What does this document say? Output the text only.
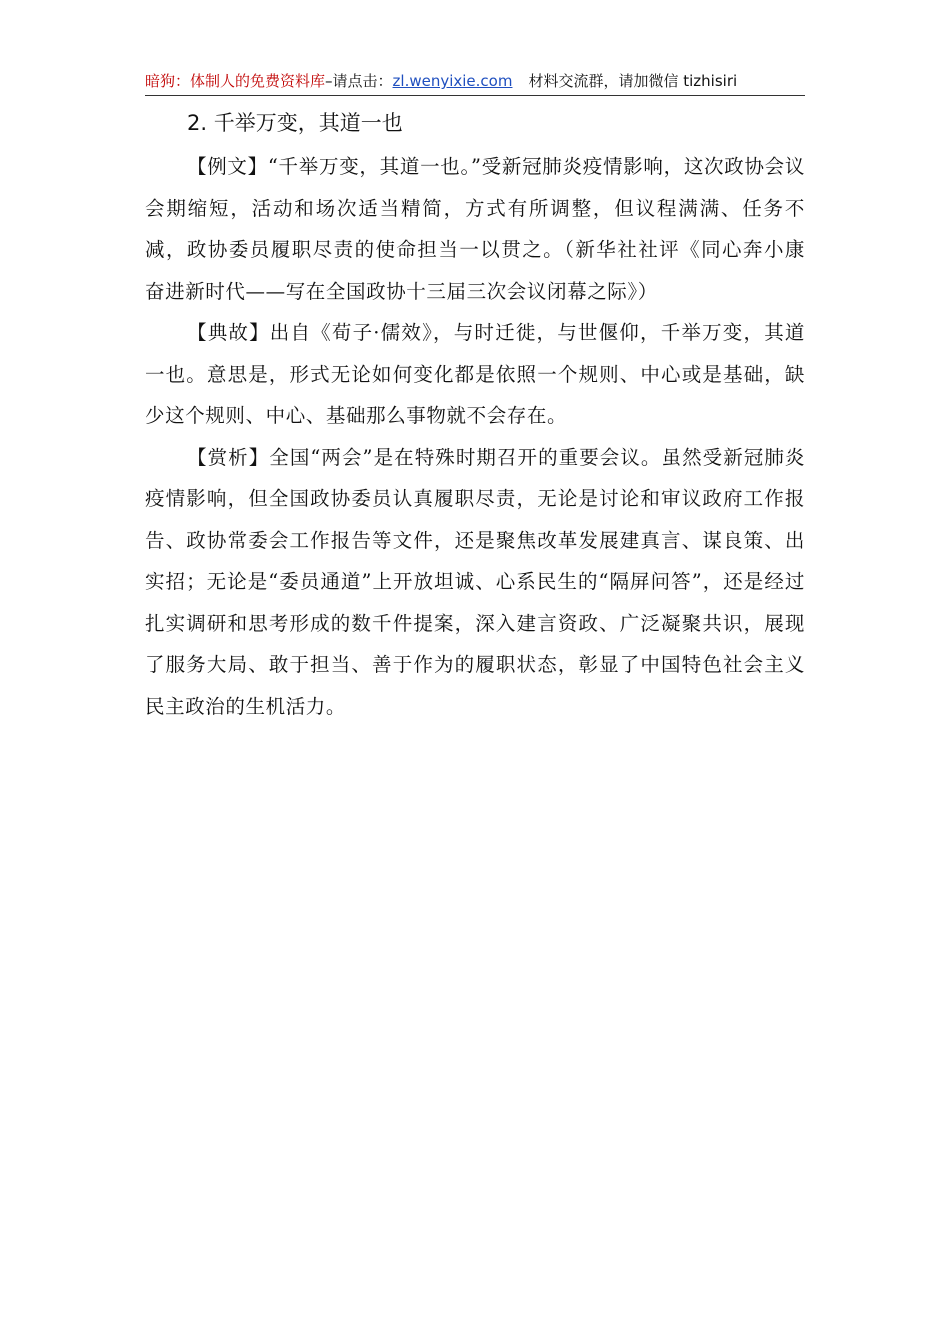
暗狗：体制人的免费资料库–请点击：zl.wenyixie.com 材料交流群，请加微信 tizhisiri
2. 千举万变，其道一也

【例文】“千举万变，其道一也。”受新冠肺炎疫情影响，这次政协会议会期缩短，活动和场次适当精简，方式有所调整，但议程满满、任务不减，政协委员履职尽责的使命担当一以贯之。（新华社社评《同心奔小康 奋进新时代——写在全国政协十三届三次会议闭幕之际》）

【典故】出自《荀子·儒效》，与时迁徙，与世偃仰，千举万变，其道一也。意思是，形式无论如何变化都是依照一个规则、中心或是基础，缺少这个规则、中心、基础那么事物就不会存在。

【赏析】全国“两会”是在特殊时期召开的重要会议。虽然受新冠肺炎疫情影响，但全国政协委员认真履职尽责，无论是讨论和审议政府工作报告、政协常委会工作报告等文件，还是聚焦改革发展建真言、谋良策、出实招；无论是“委员通道”上开放坦诚、心系民生的“隔屏问答”，还是经过扎实调研和思考形成的数千件提案，深入建言资政、广泛凝聚共识，展现了服务大局、敢于担当、善于作为的履职状态，彰显了中国特色社会主义民主政治的生机活力。
